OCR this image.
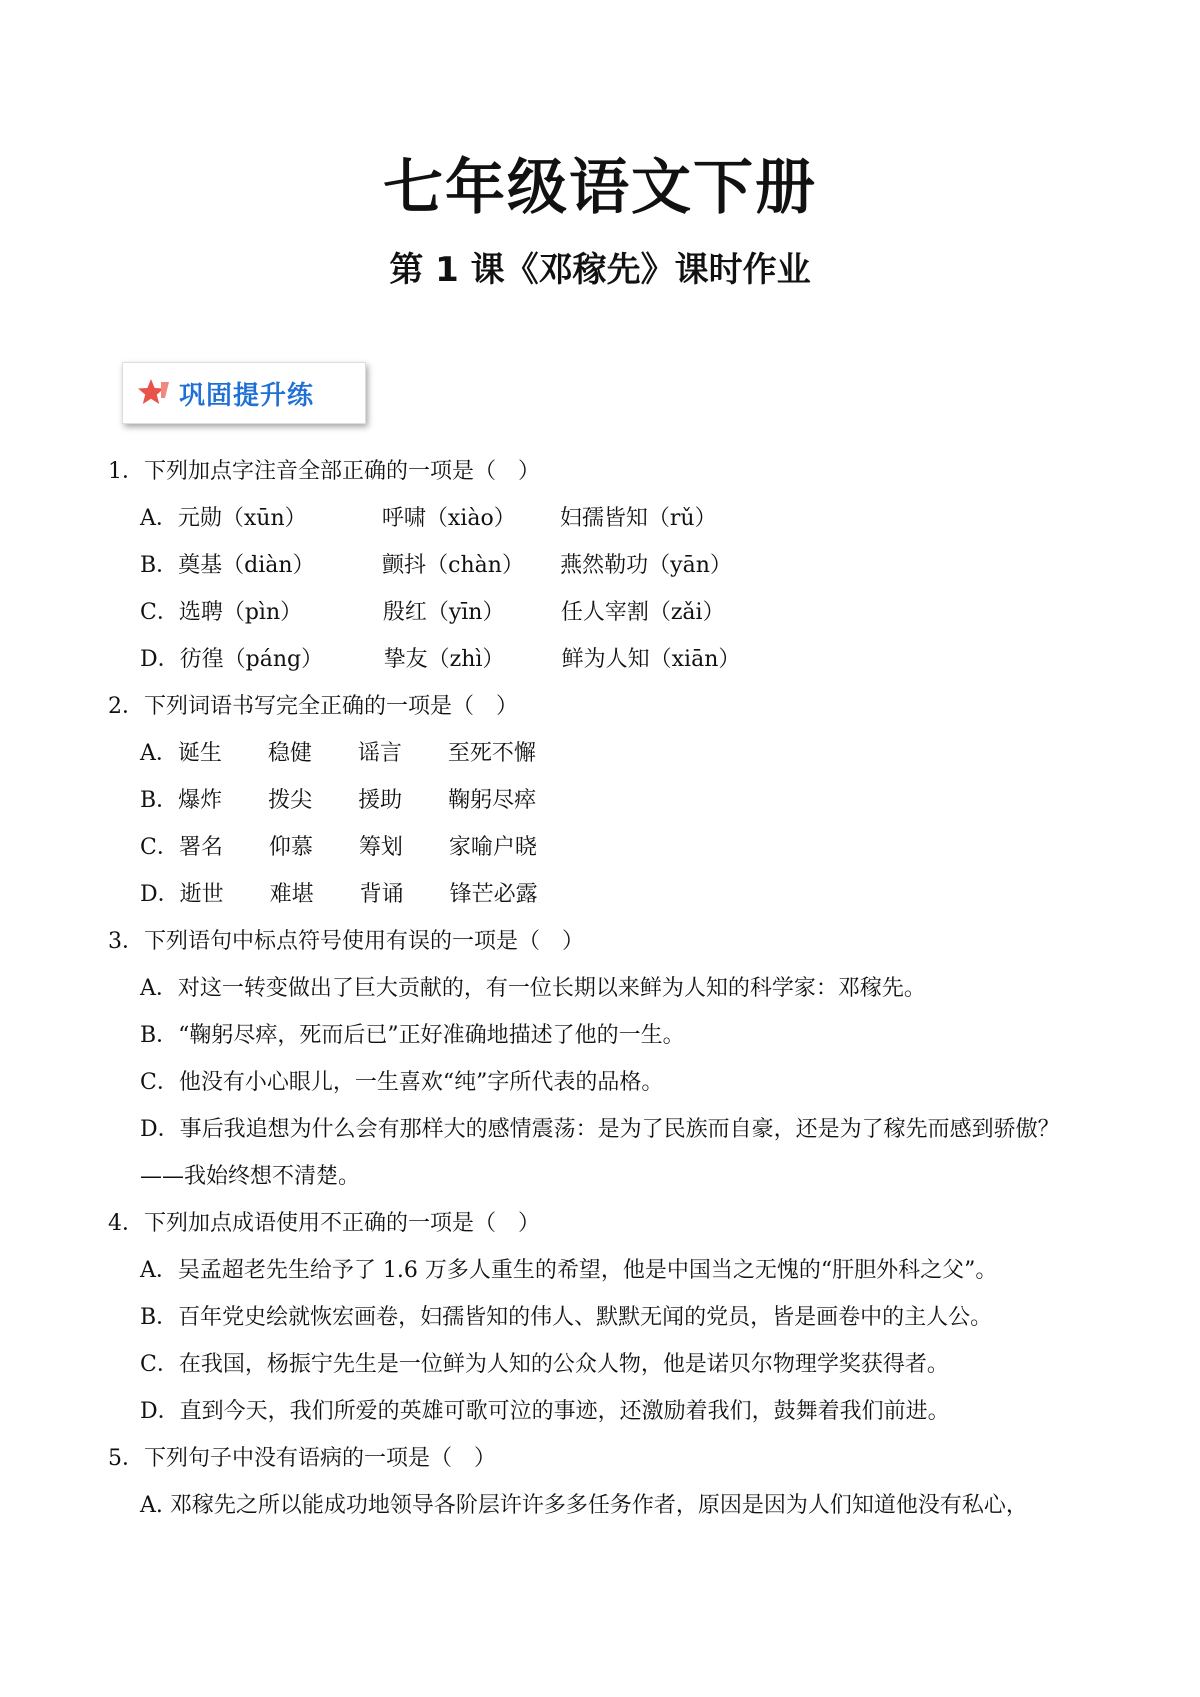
七年级语文下册
第 1 课《邓稼先》课时作业
巩固提升练
1．下列加点字注音全部正确的一项是（　）
A．元勋（xūn）	呼啸（xiào） 妇孺皆知（rǔ）
B．奠基（diàn）	颤抖（chàn） 燕然勒功（yān）
C．选聘（pìn）	殷红（yīn）	任人宰割（zǎi）
D．彷徨（páng）	挚友（zhì）	鲜为人知（xiān）
2．下列词语书写完全正确的一项是（　）
A．诞生 稳健 谣言 至死不懈
B．爆炸 拨尖 援助 鞠躬尽瘁
C．署名 仰慕 筹划 家喻户晓
D．逝世 难堪 背诵 锋芒必露
3．下列语句中标点符号使用有误的一项是（　）
A．对这一转变做出了巨大贡献的，有一位长期以来鲜为人知的科学家：邓稼先。
B．“鞠躬尽瘁，死而后已”正好准确地描述了他的一生。
C．他没有小心眼儿，一生喜欢“纯”字所代表的品格。
D．事后我追想为什么会有那样大的感情震荡：是为了民族而自豪，还是为了稼先而感到骄傲？——我始终想不清楚。
4．下列加点成语使用不正确的一项是（　）
A．吴孟超老先生给予了 1.6 万多人重生的希望，他是中国当之无愧的“肝胆外科之父”。
B．百年党史绘就恢宏画卷，妇孺皆知的伟人、默默无闻的党员，皆是画卷中的主人公。
C．在我国，杨振宁先生是一位鲜为人知的公众人物，他是诺贝尔物理学奖获得者。
D．直到今天，我们所爱的英雄可歌可泣的事迹，还激励着我们，鼓舞着我们前进。
5．下列句子中没有语病的一项是（　）
A. 邓稼先之所以能成功地领导各阶层许许多多任务作者，原因是因为人们知道他没有私心，
